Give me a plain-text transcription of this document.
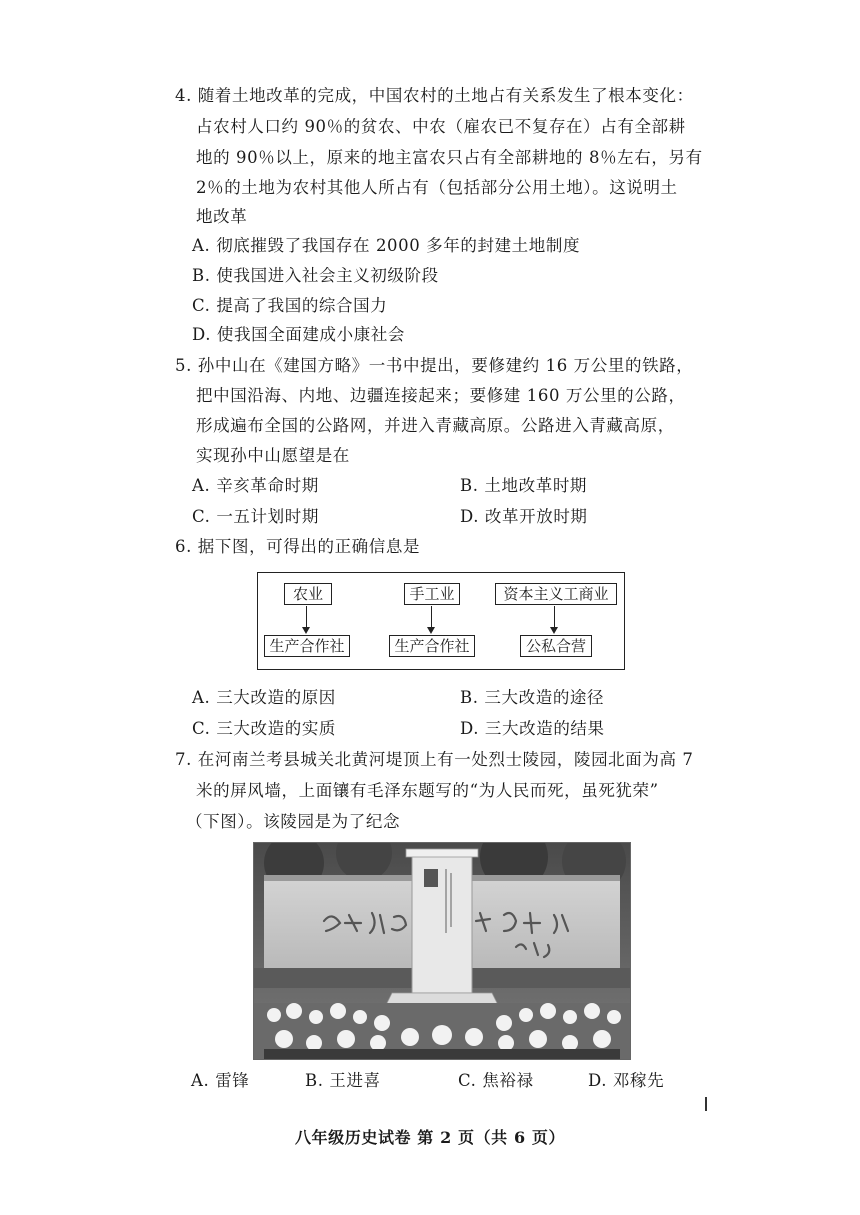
4. 随着土地改革的完成，中国农村的土地占有关系发生了根本变化：
占农村人口约 90％的贫农、中农（雇农已不复存在）占有全部耕
地的 90％以上，原来的地主富农只占有全部耕地的 8％左右，另有
2％的土地为农村其他人所占有（包括部分公用土地）。这说明土
地改革
A. 彻底摧毁了我国存在 2000 多年的封建土地制度
B. 使我国进入社会主义初级阶段
C. 提高了我国的综合国力
D. 使我国全面建成小康社会
5. 孙中山在《建国方略》一书中提出，要修建约 16 万公里的铁路，
把中国沿海、内地、边疆连接起来；要修建 160 万公里的公路，
形成遍布全国的公路网，并进入青藏高原。公路进入青藏高原，
实现孙中山愿望是在
A. 辛亥革命时期	B. 土地改革时期
C. 一五计划时期	D. 改革开放时期
6. 据下图，可得出的正确信息是
农业	手工业	资本主义工商业
生产合作社	生产合作社	公私合营
A. 三大改造的原因	B. 三大改造的途径
C. 三大改造的实质	D. 三大改造的结果
7. 在河南兰考县城关北黄河堤顶上有一处烈士陵园，陵园北面为高 7
米的屏风墙，上面镶有毛泽东题写的“为人民而死，虽死犹荣”
（下图）。该陵园是为了纪念
A. 雷锋	B. 王进喜	C. 焦裕禄	D. 邓稼先
八年级历史试卷 第 2 页（共 6 页）
